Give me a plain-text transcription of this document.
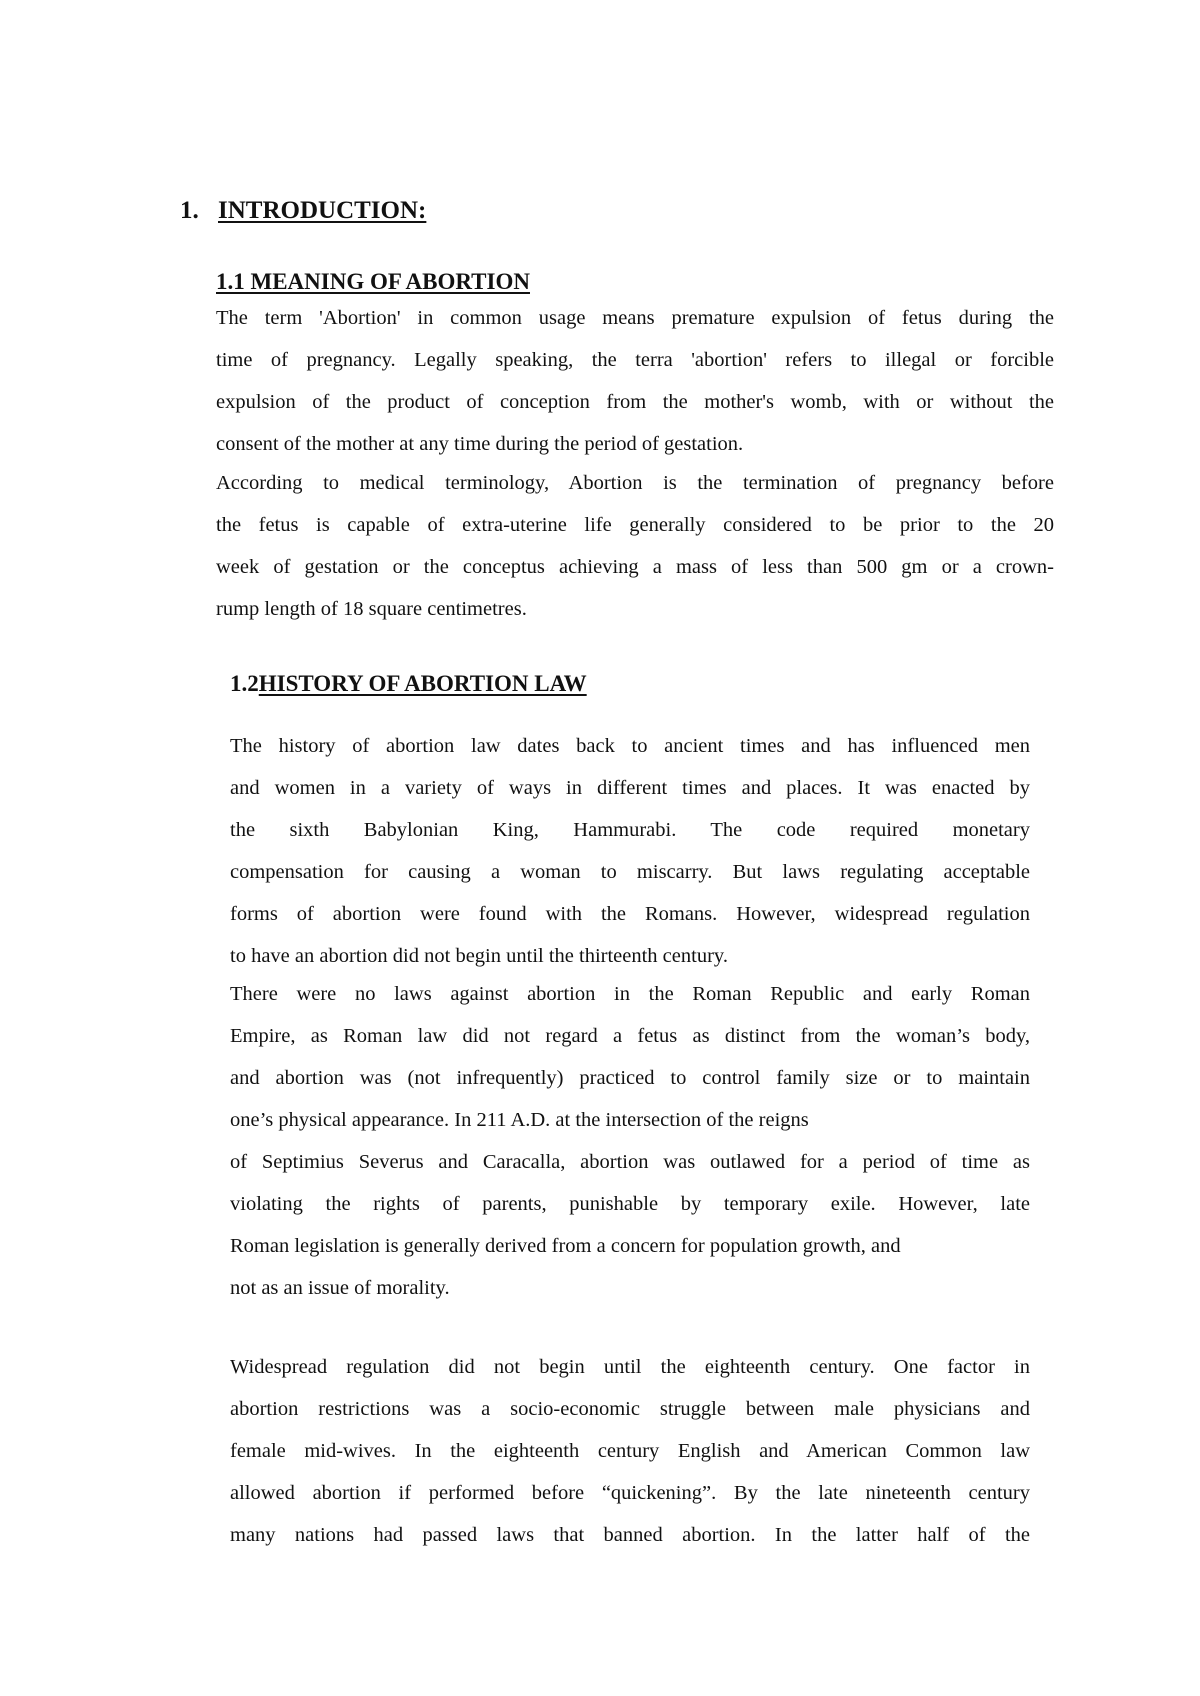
1. INTRODUCTION:
1.1 MEANING OF ABORTION
The term 'Abortion' in common usage means premature expulsion of fetus during the
time of pregnancy. Legally speaking, the terra 'abortion' refers to illegal or forcible
expulsion of the product of conception from the mother's womb, with or without the
consent of the mother at any time during the period of gestation.
According to medical terminology, Abortion is the termination of pregnancy before
the fetus is capable of extra-uterine life generally considered to be prior to the 20
week of gestation or the conceptus achieving a mass of less than 500 gm or a crown-
rump length of 18 square centimetres.
1.2HISTORY OF ABORTION LAW
The history of abortion law dates back to ancient times and has influenced men
and women in a variety of ways in different times and places. It was enacted by
the sixth Babylonian King, Hammurabi. The code required monetary
compensation for causing a woman to miscarry. But laws regulating acceptable
forms of abortion were found with the Romans. However, widespread regulation
to have an abortion did not begin until the thirteenth century.
There were no laws against abortion in the Roman Republic and early Roman
Empire, as Roman law did not regard a fetus as distinct from the woman’s body,
and abortion was (not infrequently) practiced to control family size or to maintain
one’s physical appearance. In 211 A.D. at the intersection of the reigns
of Septimius Severus and Caracalla, abortion was outlawed for a period of time as
violating the rights of parents, punishable by temporary exile. However, late
Roman legislation is generally derived from a concern for population growth, and
not as an issue of morality.
Widespread regulation did not begin until the eighteenth century. One factor in
abortion restrictions was a socio-economic struggle between male physicians and
female mid-wives. In the eighteenth century English and American Common law
allowed abortion if performed before “quickening”. By the late nineteenth century
many nations had passed laws that banned abortion. In the latter half of the
